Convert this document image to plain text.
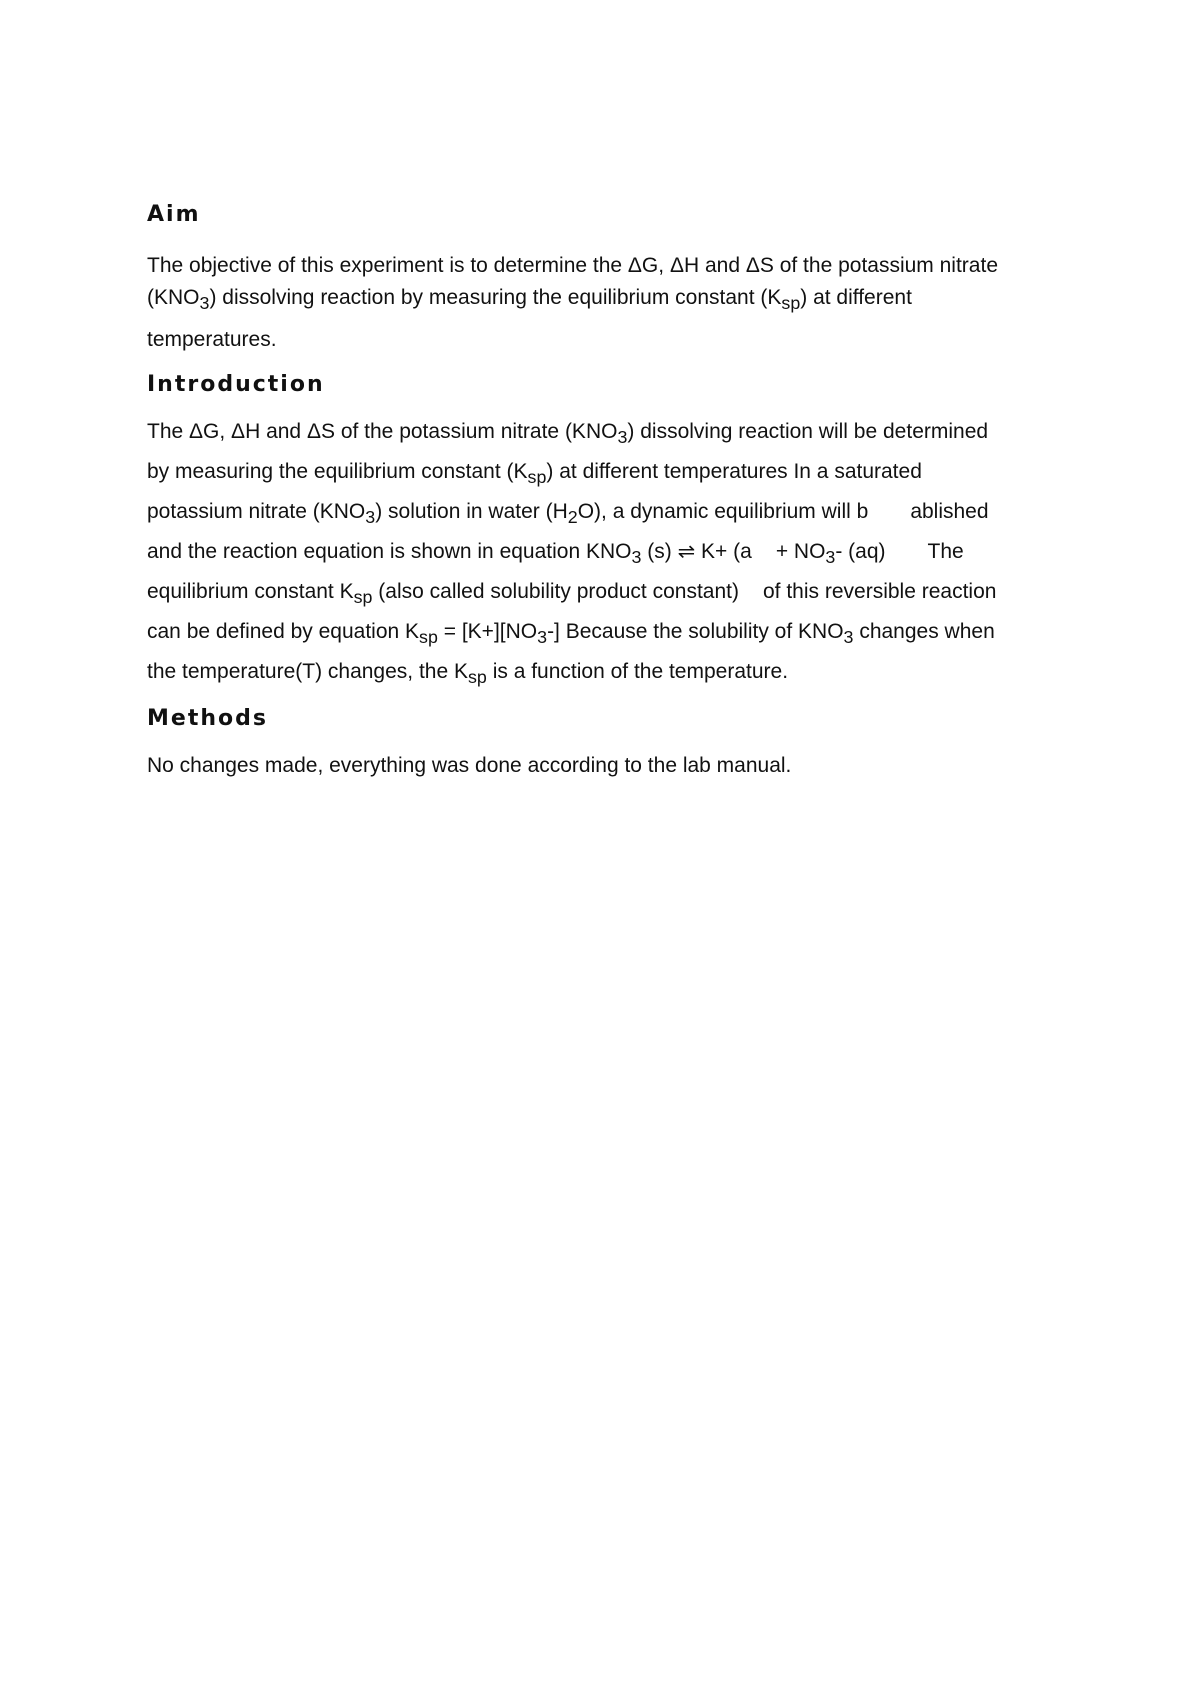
Aim
The objective of this experiment is to determine the ΔG, ΔH and ΔS of the potassium nitrate
(KNO3) dissolving reaction by measuring the equilibrium constant (Ksp) at different
temperatures.
Introduction
The ΔG, ΔH and ΔS of the potassium nitrate (KNO3) dissolving reaction will be determined
by measuring the equilibrium constant (Ksp) at different temperatures In a saturated
potassium nitrate (KNO3) solution in water (H2O), a dynamic equilibrium will b ablished
and the reaction equation is shown in equation KNO3 (s) ⇌ K+ (a + NO3- (aq) The
equilibrium constant Ksp (also called solubility product constant) of this reversible reaction
can be defined by equation Ksp = [K+][NO3-] Because the solubility of KNO3 changes when
the temperature(T) changes, the Ksp is a function of the temperature.
Methods
No changes made, everything was done according to the lab manual.
